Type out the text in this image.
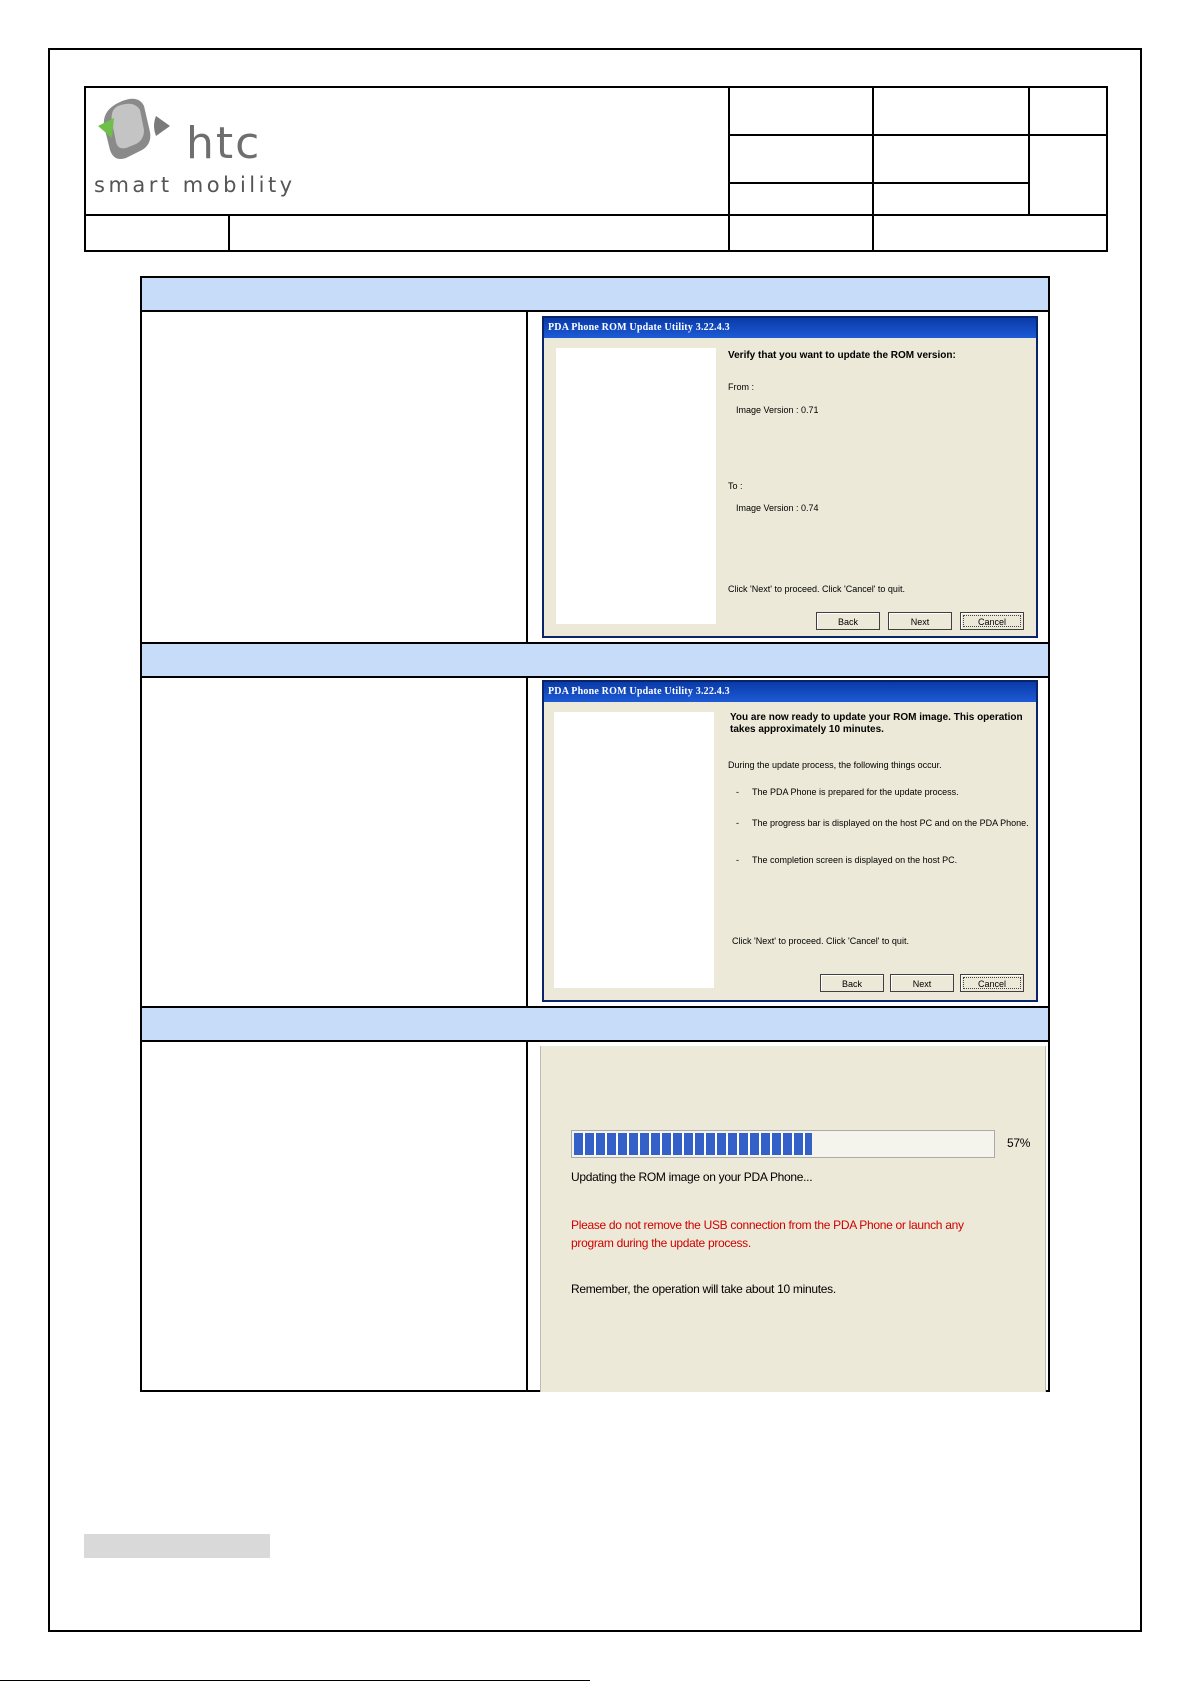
htc
smart mobility				

PDA Phone ROM Update Utility 3.22.4.3
Verify that you want to update the ROM version:
From :
Image Version : 0.71
To :
Image Version : 0.74
Click 'Next' to proceed. Click 'Cancel' to quit.
Back	Next	Cancel
PDA Phone ROM Update Utility 3.22.4.3
You are now ready to update your ROM image. This operation
takes approximately 10 minutes.
During the update process, the following things occur.
- The PDA Phone is prepared for the update process.
- The progress bar is displayed on the host PC and on the PDA Phone.
- The completion screen is displayed on the host PC.
Click 'Next' to proceed. Click 'Cancel' to quit.
Back	Next	Cancel
57%
Updating the ROM image on your PDA Phone...
Please do not remove the USB connection from the PDA Phone or launch any program during the update process.
Remember, the operation will take about 10 minutes.
